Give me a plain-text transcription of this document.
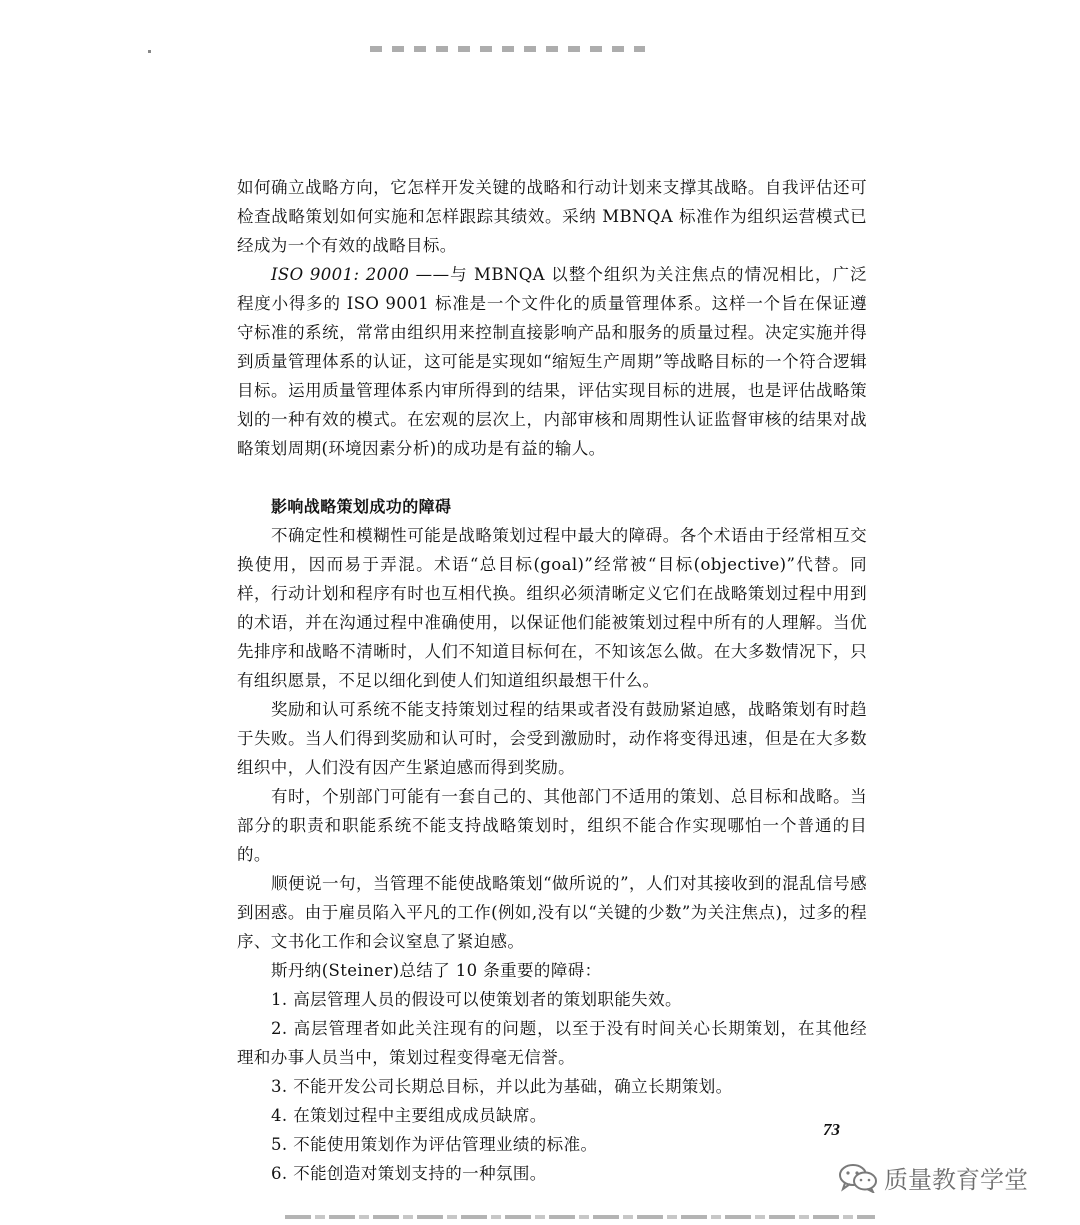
如何确立战略方向，它怎样开发关键的战略和行动计划来支撑其战略。自我评估还可检查战略策划如何实施和怎样跟踪其绩效。采纳 MBNQA 标准作为组织运营模式已经成为一个有效的战略目标。

ISO 9001: 2000 ——与 MBNQA 以整个组织为关注焦点的情况相比，广泛程度小得多的 ISO 9001 标准是一个文件化的质量管理体系。这样一个旨在保证遵守标准的系统，常常由组织用来控制直接影响产品和服务的质量过程。决定实施并得到质量管理体系的认证，这可能是实现如“缩短生产周期”等战略目标的一个符合逻辑目标。运用质量管理体系内审所得到的结果，评估实现目标的进展，也是评估战略策划的一种有效的模式。在宏观的层次上，内部审核和周期性认证监督审核的结果对战略策划周期(环境因素分析)的成功是有益的输人。

影响战略策划成功的障碍

不确定性和模糊性可能是战略策划过程中最大的障碍。各个术语由于经常相互交换使用，因而易于弄混。术语“总目标(goal)”经常被“目标(objective)”代替。同样，行动计划和程序有时也互相代换。组织必须清晰定义它们在战略策划过程中用到的术语，并在沟通过程中准确使用，以保证他们能被策划过程中所有的人理解。当优先排序和战略不清晰时，人们不知道目标何在，不知该怎么做。在大多数情况下，只有组织愿景，不足以细化到使人们知道组织最想干什么。

奖励和认可系统不能支持策划过程的结果或者没有鼓励紧迫感，战略策划有时趋于失败。当人们得到奖励和认可时，会受到激励时，动作将变得迅速，但是在大多数组织中，人们没有因产生紧迫感而得到奖励。

有时，个别部门可能有一套自己的、其他部门不适用的策划、总目标和战略。当部分的职责和职能系统不能支持战略策划时，组织不能合作实现哪怕一个普通的目的。

顺便说一句，当管理不能使战略策划“做所说的”，人们对其接收到的混乱信号感到困惑。由于雇员陷入平凡的工作(例如,没有以“关键的少数”为关注焦点)，过多的程序、文书化工作和会议窒息了紧迫感。

斯丹纳(Steiner)总结了 10 条重要的障碍：

1. 高层管理人员的假设可以使策划者的策划职能失效。

2. 高层管理者如此关注现有的问题，以至于没有时间关心长期策划，在其他经理和办事人员当中，策划过程变得毫无信誉。

3. 不能开发公司长期总目标，并以此为基础，确立长期策划。

4. 在策划过程中主要组成成员缺席。

5. 不能使用策划作为评估管理业绩的标准。

6. 不能创造对策划支持的一种氛围。

73
质量教育学堂
